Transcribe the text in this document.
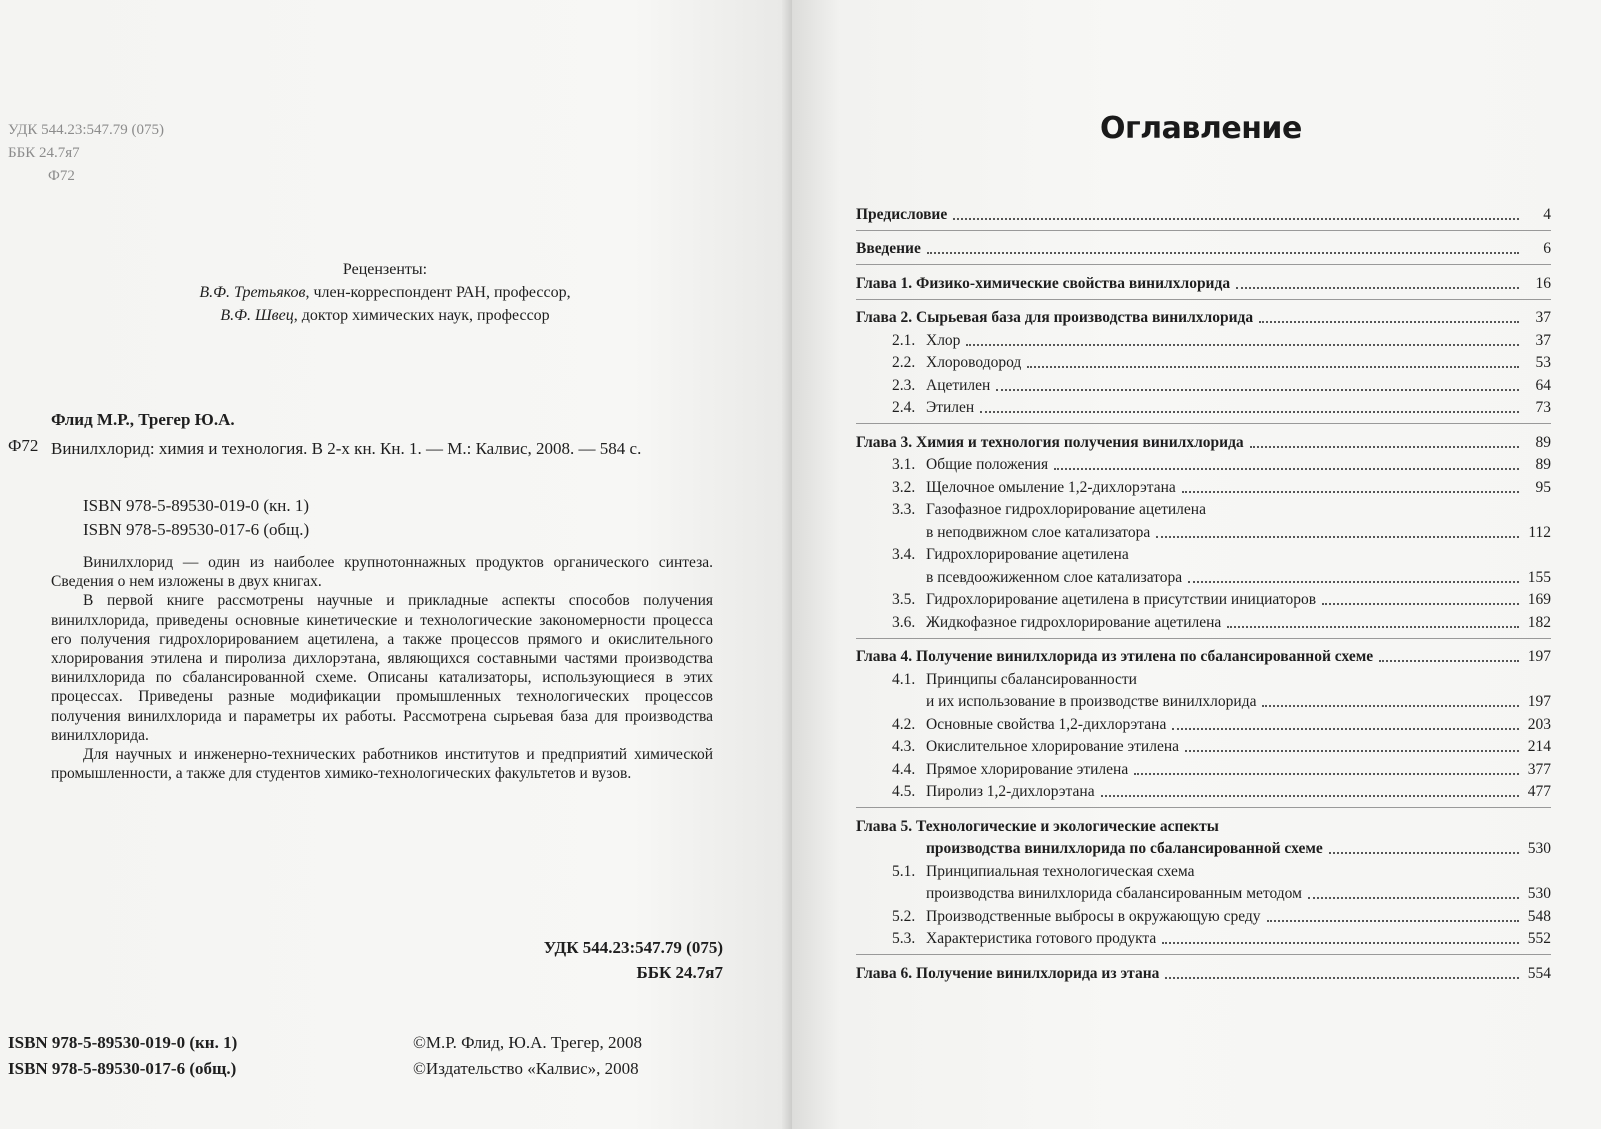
УДК 544.23:547.79 (075)
ББК 24.7я7
Ф72
Рецензенты:
В.Ф. Третьяков, член-корреспондент РАН, профессор,
В.Ф. Швец, доктор химических наук, профессор
Флид М.Р., Трегер Ю.А.
Ф72 Винилхлорид: химия и технология. В 2-х кн. Кн. 1. — М.: Калвис, 2008. — 584 с.
ISBN 978-5-89530-019-0 (кн. 1)
ISBN 978-5-89530-017-6 (общ.)

Винилхлорид — один из наиболее крупнотоннажных продуктов органического синтеза. Сведения о нем изложены в двух книгах.

В первой книге рассмотрены научные и прикладные аспекты способов получения винилхлорида, приведены основные кинетические и технологические закономерности процесса его получения гидрохлорированием ацетилена, а также процессов прямого и окислительного хлорирования этилена и пиролиза дихлорэтана, являющихся составными частями производства винилхлорида по сбалансированной схеме. Описаны катализаторы, использующиеся в этих процессах. Приведены разные модификации промышленных технологических процессов получения винилхлорида и параметры их работы. Рассмотрена сырьевая база для производства винилхлорида.

Для научных и инженерно-технических работников институтов и предприятий химической промышленности, а также для студентов химико-технологических факультетов и вузов.

УДК 544.23:547.79 (075)
ББК 24.7я7
ISBN 978-5-89530-019-0 (кн. 1)
ISBN 978-5-89530-017-6 (общ.)
©М.Р. Флид, Ю.А. Трегер, 2008
©Издательство «Калвис», 2008
Оглавление
Предисловие	4
Введение	6
Глава 1. Физико-химические свойства винилхлорида	16
Глава 2. Сырьевая база для производства винилхлорида	37
2.1. Хлор	37
2.2. Хлороводород	53
2.3. Ацетилен	64
2.4. Этилен	73
Глава 3. Химия и технология получения винилхлорида	89
3.1. Общие положения	89
3.2. Щелочное омыление 1,2-дихлорэтана	95
3.3. Газофазное гидрохлорирование ацетилена
в неподвижном слое катализатора	112
3.4. Гидрохлорирование ацетилена
в псевдоожиженном слое катализатора	155
3.5. Гидрохлорирование ацетилена в присутствии инициаторов	169
3.6. Жидкофазное гидрохлорирование ацетилена	182
Глава 4. Получение винилхлорида из этилена по сбалансированной схеме	197
4.1. Принципы сбалансированности
и их использование в производстве винилхлорида	197
4.2. Основные свойства 1,2-дихлорэтана	203
4.3. Окислительное хлорирование этилена	214
4.4. Прямое хлорирование этилена	377
4.5. Пиролиз 1,2-дихлорэтана	477
Глава 5. Технологические и экологические аспекты
производства винилхлорида по сбалансированной схеме	530
5.1. Принципиальная технологическая схема
производства винилхлорида сбалансированным методом	530
5.2. Производственные выбросы в окружающую среду	548
5.3. Характеристика готового продукта	552
Глава 6. Получение винилхлорида из этана	554
